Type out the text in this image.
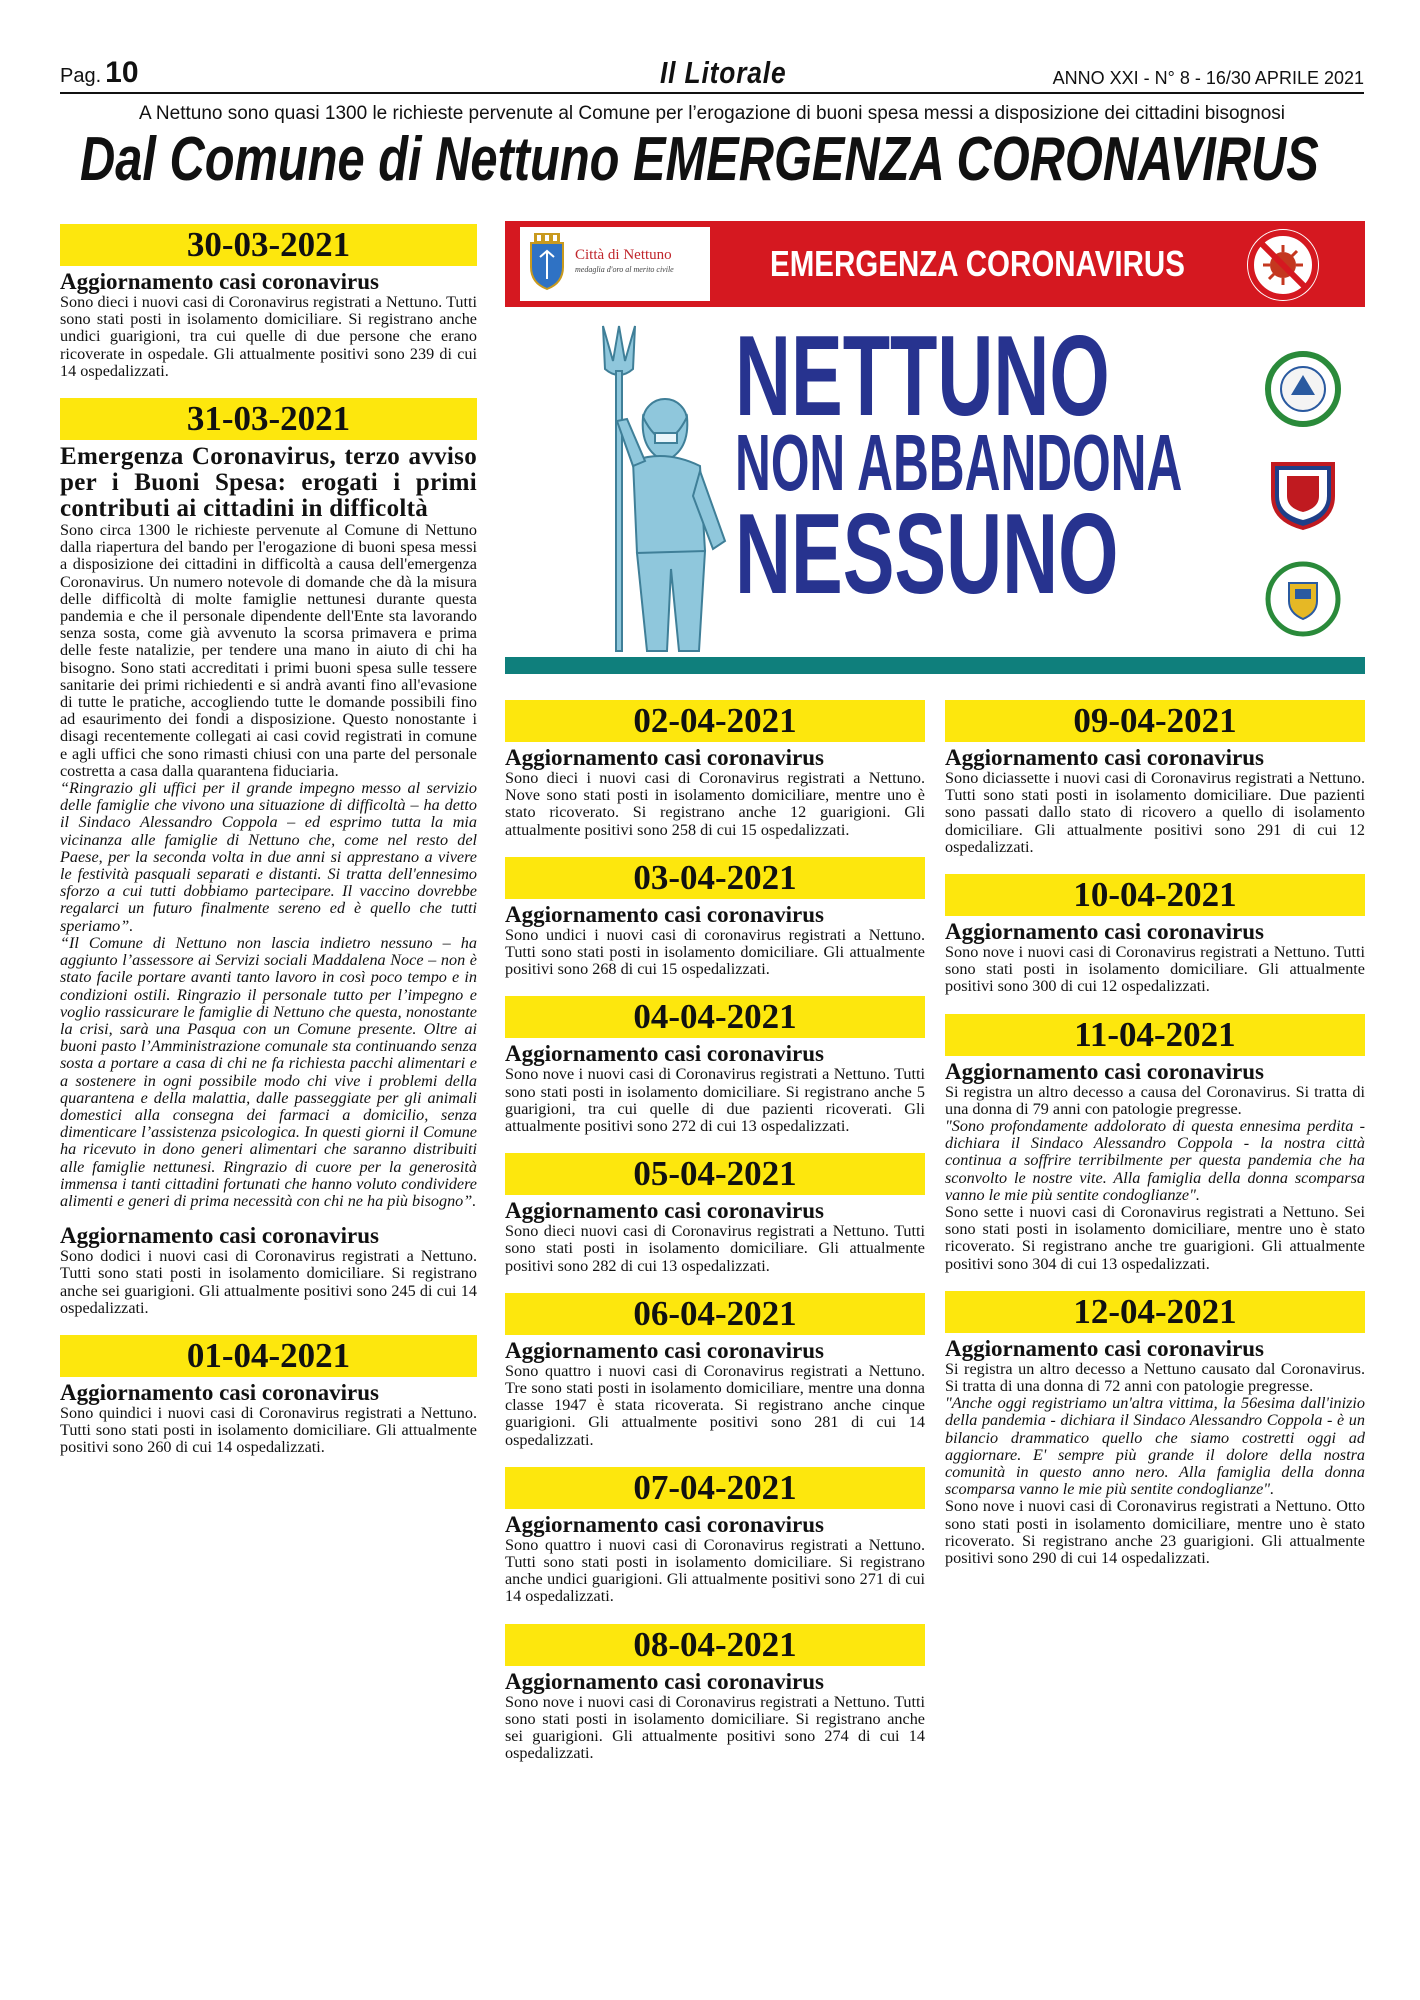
Pag. 10	Il Litorale	ANNO XXI - N° 8 - 16/30 APRILE 2021
A Nettuno sono quasi 1300 le richieste pervenute al Comune per l’erogazione di buoni spesa messi a disposizione dei cittadini bisognosi
Dal Comune di Nettuno EMERGENZA CORONAVIRUS
30-03-2021
Aggiornamento casi coronavirus
Sono dieci i nuovi casi di Coronavirus registrati a Nettuno. Tutti sono stati posti in isolamento domiciliare. Si registrano anche undici guarigioni, tra cui quelle di due persone che erano ricoverate in ospedale. Gli attualmente positivi sono 239 di cui 14 ospedalizzati.
31-03-2021
Emergenza Coronavirus, terzo avviso per i Buoni Spesa: erogati i primi contributi ai cittadini in difficoltà

Sono circa 1300 le richieste pervenute al Comune di Nettuno dalla riapertura del bando per l'erogazione di buoni spesa messi a disposizione dei cittadini in difficoltà a causa dell'emergenza Coronavirus. Un numero notevole di domande che dà la misura delle difficoltà di molte famiglie nettunesi durante questa pandemia e che il personale dipendente dell'Ente sta lavorando senza sosta, come già avvenuto la scorsa primavera e prima delle feste natalizie, per tendere una mano in aiuto di chi ha bisogno. Sono stati accreditati i primi buoni spesa sulle tessere sanitarie dei primi richiedenti e si andrà avanti fino all'evasione di tutte le pratiche, accogliendo tutte le domande possibili fino ad esaurimento dei fondi a disposizione. Questo nonostante i disagi recentemente collegati ai casi covid registrati in comune e agli uffici che sono rimasti chiusi con una parte del personale costretta a casa dalla quarantena fiduciaria.

“Ringrazio gli uffici per il grande impegno messo al servizio delle famiglie che vivono una situazione di difficoltà – ha detto il Sindaco Alessandro Coppola – ed esprimo tutta la mia vicinanza alle famiglie di Nettuno che, come nel resto del Paese, per la seconda volta in due anni si apprestano a vivere le festività pasquali separati e distanti. Si tratta dell'ennesimo sforzo a cui tutti dobbiamo partecipare. Il vaccino dovrebbe regalarci un futuro finalmente sereno ed è quello che tutti speriamo”.

“Il Comune di Nettuno non lascia indietro nessuno – ha aggiunto l’assessore ai Servizi sociali Maddalena Noce – non è stato facile portare avanti tanto lavoro in così poco tempo e in condizioni ostili. Ringrazio il personale tutto per l’impegno e voglio rassicurare le famiglie di Nettuno che questa, nonostante la crisi, sarà una Pasqua con un Comune presente. Oltre ai buoni pasto l’Amministrazione comunale sta continuando senza sosta a portare a casa di chi ne fa richiesta pacchi alimentari e a sostenere in ogni possibile modo chi vive i problemi della quarantena e della malattia, dalle passeggiate per gli animali domestici alla consegna dei farmaci a domicilio, senza dimenticare l’assistenza psicologica. In questi giorni il Comune ha ricevuto in dono generi alimentari che saranno distribuiti alle famiglie nettunesi. Ringrazio di cuore per la generosità immensa i tanti cittadini fortunati che hanno voluto condividere alimenti e generi di prima necessità con chi ne ha più bisogno”.

Aggiornamento casi coronavirus
Sono dodici i nuovi casi di Coronavirus registrati a Nettuno. Tutti sono stati posti in isolamento domiciliare. Si registrano anche sei guarigioni. Gli attualmente positivi sono 245 di cui 14 ospedalizzati.
01-04-2021
Aggiornamento casi coronavirus
Sono quindici i nuovi casi di Coronavirus registrati a Nettuno. Tutti sono stati posti in isolamento domiciliare. Gli attualmente positivi sono 260 di cui 14 ospedalizzati.
Città di Nettuno
medaglia d'oro al merito civile	EMERGENZA CORONAVIRUS
NETTUNO
NON ABBANDONA
NESSUNO
02-04-2021
Aggiornamento casi coronavirus
Sono dieci i nuovi casi di Coronavirus registrati a Nettuno. Nove sono stati posti in isolamento domiciliare, mentre uno è stato ricoverato. Si registrano anche 12 guarigioni. Gli attualmente positivi sono 258 di cui 15 ospedalizzati.
03-04-2021
Aggiornamento casi coronavirus
Sono undici i nuovi casi di coronavirus registrati a Nettuno. Tutti sono stati posti in isolamento domiciliare. Gli attualmente positivi sono 268 di cui 15 ospedalizzati.
04-04-2021
Aggiornamento casi coronavirus
Sono nove i nuovi casi di Coronavirus registrati a Nettuno. Tutti sono stati posti in isolamento domiciliare. Si registrano anche 5 guarigioni, tra cui quelle di due pazienti ricoverati. Gli attualmente positivi sono 272 di cui 13 ospedalizzati.
05-04-2021
Aggiornamento casi coronavirus
Sono dieci nuovi casi di Coronavirus registrati a Nettuno. Tutti sono stati posti in isolamento domiciliare. Gli attualmente positivi sono 282 di cui 13 ospedalizzati.
06-04-2021
Aggiornamento casi coronavirus
Sono quattro i nuovi casi di Coronavirus registrati a Nettuno. Tre sono stati posti in isolamento domiciliare, mentre una donna classe 1947 è stata ricoverata. Si registrano anche cinque guarigioni. Gli attualmente positivi sono 281 di cui 14 ospedalizzati.
07-04-2021
Aggiornamento casi coronavirus
Sono quattro i nuovi casi di Coronavirus registrati a Nettuno. Tutti sono stati posti in isolamento domiciliare. Si registrano anche undici guarigioni. Gli attualmente positivi sono 271 di cui 14 ospedalizzati.
08-04-2021
Aggiornamento casi coronavirus
Sono nove i nuovi casi di Coronavirus registrati a Nettuno. Tutti sono stati posti in isolamento domiciliare. Si registrano anche sei guarigioni. Gli attualmente positivi sono 274 di cui 14 ospedalizzati.
09-04-2021
Aggiornamento casi coronavirus
Sono diciassette i nuovi casi di Coronavirus registrati a Nettuno. Tutti sono stati posti in isolamento domiciliare. Due pazienti sono passati dallo stato di ricovero a quello di isolamento domiciliare. Gli attualmente positivi sono 291 di cui 12 ospedalizzati.
10-04-2021
Aggiornamento casi coronavirus
Sono nove i nuovi casi di Coronavirus registrati a Nettuno. Tutti sono stati posti in isolamento domiciliare. Gli attualmente positivi sono 300 di cui 12 ospedalizzati.
11-04-2021
Aggiornamento casi coronavirus

Si registra un altro decesso a causa del Coronavirus. Si tratta di una donna di 79 anni con patologie pregresse.

"Sono profondamente addolorato di questa ennesima perdita - dichiara il Sindaco Alessandro Coppola - la nostra città continua a soffrire terribilmente per questa pandemia che ha sconvolto le nostre vite. Alla famiglia della donna scomparsa vanno le mie più sentite condoglianze".

Sono sette i nuovi casi di Coronavirus registrati a Nettuno. Sei sono stati posti in isolamento domiciliare, mentre uno è stato ricoverato. Si registrano anche tre guarigioni. Gli attualmente positivi sono 304 di cui 13 ospedalizzati.

12-04-2021
Aggiornamento casi coronavirus

Si registra un altro decesso a Nettuno causato dal Coronavirus. Si tratta di una donna di 72 anni con patologie pregresse.

"Anche oggi registriamo un'altra vittima, la 56esima dall'inizio della pandemia - dichiara il Sindaco Alessandro Coppola - è un bilancio drammatico quello che siamo costretti oggi ad aggiornare. E' sempre più grande il dolore della nostra comunità in questo anno nero. Alla famiglia della donna scomparsa vanno le mie più sentite condoglianze".

Sono nove i nuovi casi di Coronavirus registrati a Nettuno. Otto sono stati posti in isolamento domiciliare, mentre uno è stato ricoverato. Si registrano anche 23 guarigioni. Gli attualmente positivi sono 290 di cui 14 ospedalizzati.
